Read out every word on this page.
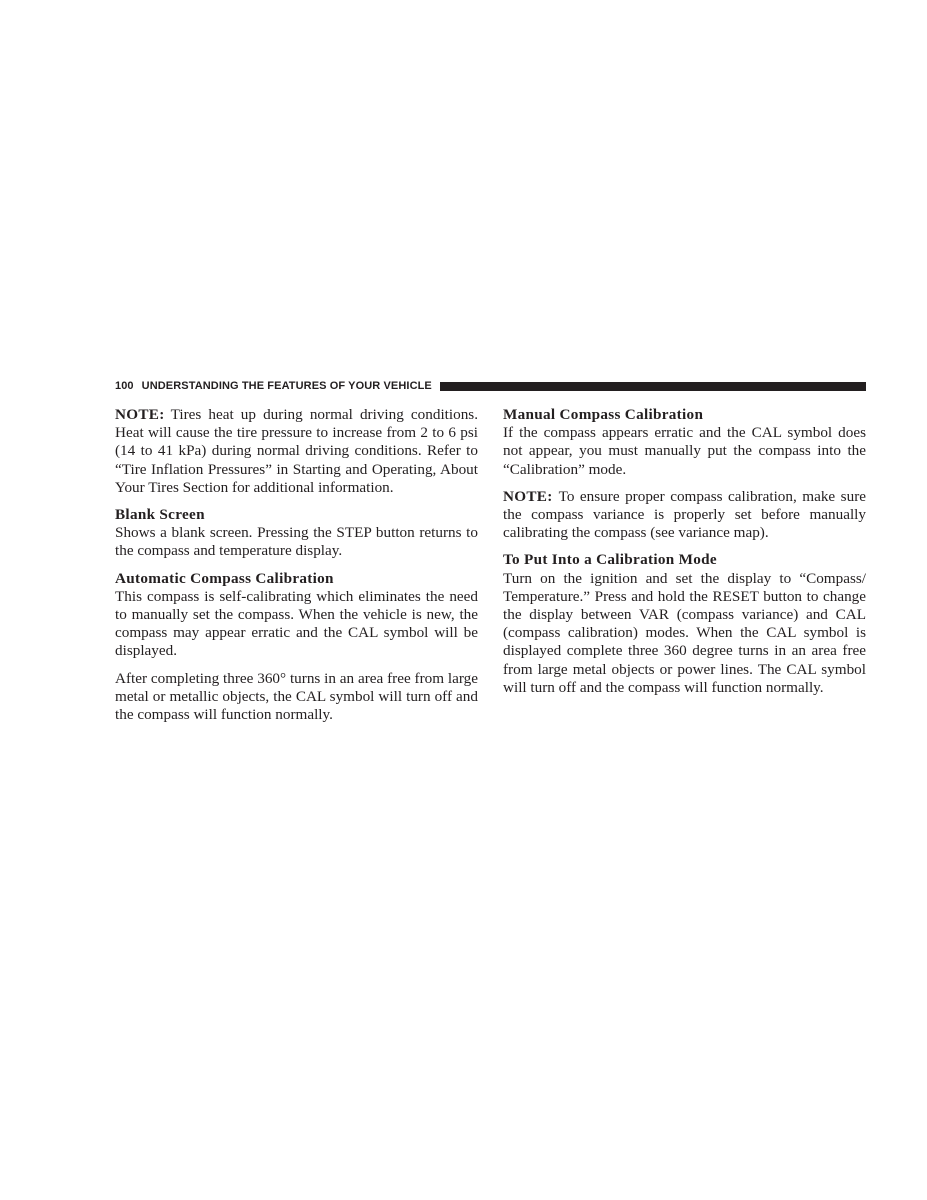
100 UNDERSTANDING THE FEATURES OF YOUR VEHICLE

NOTE: Tires heat up during normal driving conditions. Heat will cause the tire pressure to increase from 2 to 6 psi (14 to 41 kPa) during normal driving conditions. Refer to “Tire Inflation Pressures” in Starting and Operating, About Your Tires Section for additional information.

Blank Screen

Shows a blank screen. Pressing the STEP button returns to the compass and temperature display.

Automatic Compass Calibration

This compass is self-calibrating which eliminates the need to manually set the compass. When the vehicle is new, the compass may appear erratic and the CAL symbol will be displayed.

After completing three 360° turns in an area free from large metal or metallic objects, the CAL symbol will turn off and the compass will function normally.

Manual Compass Calibration

If the compass appears erratic and the CAL symbol does not appear, you must manually put the compass into the “Calibration” mode.

NOTE: To ensure proper compass calibration, make sure the compass variance is properly set before manually calibrating the compass (see variance map).

To Put Into a Calibration Mode

Turn on the ignition and set the display to “Compass/ Temperature.” Press and hold the RESET button to change the display between VAR (compass variance) and CAL (compass calibration) modes. When the CAL symbol is displayed complete three 360 degree turns in an area free from large metal objects or power lines. The CAL symbol will turn off and the compass will function normally.
